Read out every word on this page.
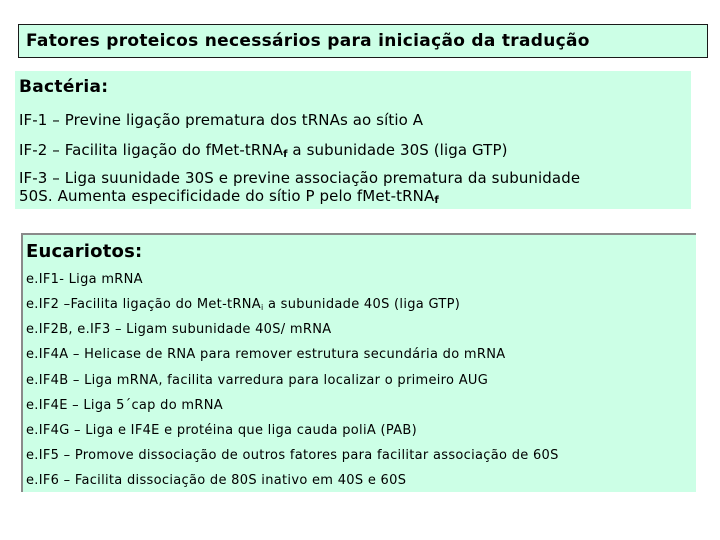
Fatores proteicos necessários para iniciação da tradução
Bactéria:
IF-1 – Previne ligação prematura dos tRNAs ao sítio A
IF-2 – Facilita ligação do fMet-tRNA$_f$ a subunidade 30S (liga GTP)
IF-3 – Liga suunidade 30S e previne associação prematura da subunidade
50S. Aumenta especificidade do sítio P pelo fMet-tRNA$_f$
Eucariotos:
e.IF1- Liga mRNA
e.IF2 –Facilita ligação do Met-tRNA$_i$ a subunidade 40S (liga GTP)
e.IF2B, e.IF3 – Ligam subunidade 40S/ mRNA
e.IF4A – Helicase de RNA para remover estrutura secundária do mRNA
e.IF4B – Liga mRNA, facilita varredura para localizar o primeiro AUG
e.IF4E – Liga 5´cap do mRNA
e.IF4G – Liga e IF4E e protéina que liga cauda poliA (PAB)
e.IF5 – Promove dissociação de outros fatores para facilitar associação de 60S
e.IF6 – Facilita dissociação de 80S inativo em 40S e 60S
